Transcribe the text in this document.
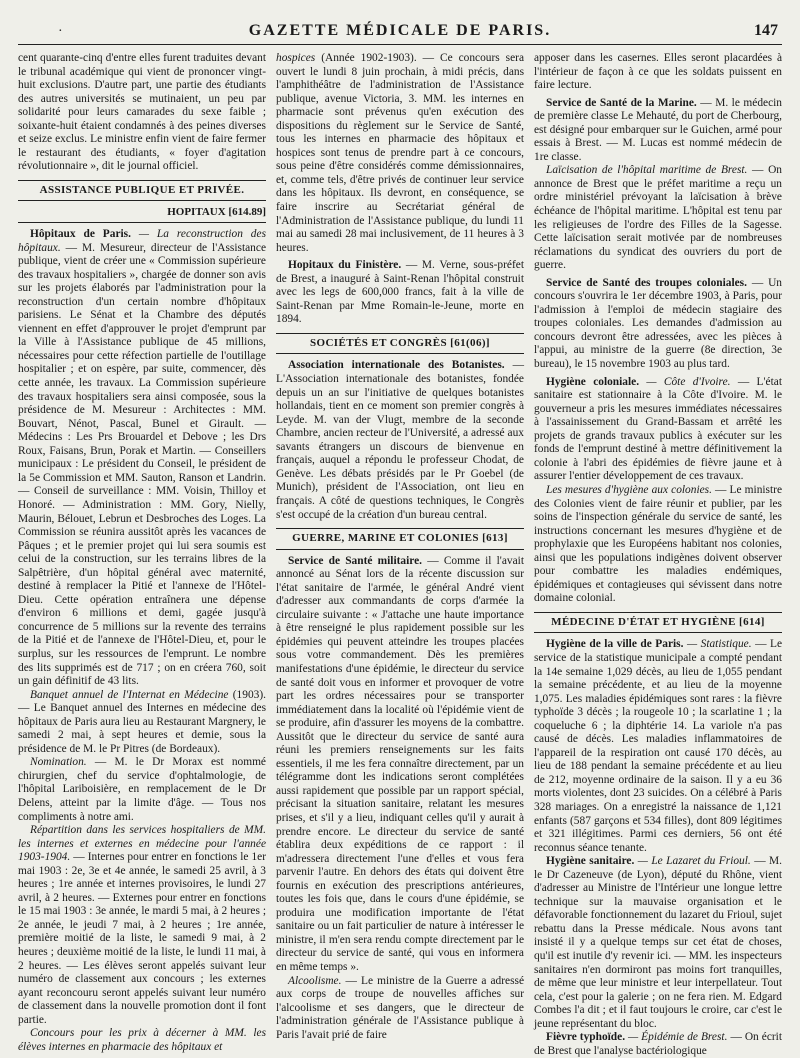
·	GAZETTE MÉDICALE DE PARIS.	147

cent quarante-cinq d'entre elles furent traduites devant le tribunal académique qui vient de prononcer vingt-huit exclusions. D'autre part, une partie des étudiants des autres universités se mutinaient, un peu par solidarité pour leurs camarades du sexe faible ; soixante-huit étaient condamnés à des peines diverses et seize exclus. Le ministre enfin vient de faire fermer le restaurant des étudiants, « foyer d'agitation révolutionnaire », dit le journal officiel.

ASSISTANCE PUBLIQUE ET PRIVÉE.
HOPITAUX [614.89]

Hôpitaux de Paris. — La reconstruction des hôpitaux. — M. Mesureur, directeur de l'Assistance publique, vient de créer une « Commission supérieure des travaux hospitaliers », chargée de donner son avis sur les projets élaborés par l'administration pour la reconstruction d'un certain nombre d'hôpitaux parisiens. Le Sénat et la Chambre des députés viennent en effet d'approuver le projet d'emprunt par la Ville à l'Assistance publique de 45 millions, nécessaires pour cette réfection partielle de l'outillage hospitalier ; et on espère, par suite, commencer, dès cette année, les travaux. La Commission supérieure des travaux hospitaliers sera ainsi composée, sous la présidence de M. Mesureur : Architectes : MM. Bouvart, Nénot, Pascal, Bunel et Girault. — Médecins : Les Prs Brouardel et Debove ; les Drs Roux, Faisans, Brun, Porak et Martin. — Conseillers municipaux : Le président du Conseil, le président de la 5e Commission et MM. Sauton, Ranson et Landrin. — Conseil de surveillance : MM. Voisin, Thilloy et Honoré. — Administration : MM. Gory, Nielly, Maurin, Bélouet, Lebrun et Desbroches des Loges. La Commission se réunira aussitôt après les vacances de Pâques ; et le premier projet qui lui sera soumis est celui de la construction, sur les terrains libres de la Salpêtrière, d'un hôpital général avec maternité, destiné à remplacer la Pitié et l'annexe de l'Hôtel-Dieu. Cette opération entraînera une dépense d'environ 6 millions et demi, gagée jusqu'à concurrence de 5 millions sur la revente des terrains de la Pitié et de l'annexe de l'Hôtel-Dieu, et, pour le surplus, sur les ressources de l'emprunt. Le nombre des lits supprimés est de 717 ; on en créera 760, soit un gain définitif de 43 lits.

Banquet annuel de l'Internat en Médecine (1903). — Le Banquet annuel des Internes en médecine des hôpitaux de Paris aura lieu au Restaurant Margnery, le samedi 2 mai, à sept heures et demie, sous la présidence de M. le Pr Pitres (de Bordeaux).

Nomination. — M. le Dr Morax est nommé chirurgien, chef du service d'ophtalmologie, de l'hôpital Lariboisière, en remplacement de le Dr Delens, atteint par la limite d'âge. — Tous nos compliments à notre ami.

Répartition dans les services hospitaliers de MM. les internes et externes en médecine pour l'année 1903-1904. — Internes pour entrer en fonctions le 1er mai 1903 : 2e, 3e et 4e année, le samedi 25 avril, à 3 heures ; 1re année et internes provisoires, le lundi 27 avril, à 2 heures. — Externes pour entrer en fonctions le 15 mai 1903 : 3e année, le mardi 5 mai, à 2 heures ; 2e année, le jeudi 7 mai, à 2 heures ; 1re année, première moitié de la liste, le samedi 9 mai, à 2 heures ; deuxième moitié de la liste, le lundi 11 mai, à 2 heures. — Les élèves seront appelés suivant leur numéro de classement aux concours ; les externes ayant reconcouru seront appelés suivant leur numéro de classement dans la nouvelle promotion dont il font partie.

Concours pour les prix à décerner à MM. les élèves internes en pharmacie des hôpitaux et

hospices (Année 1902-1903). — Ce concours sera ouvert le lundi 8 juin prochain, à midi précis, dans l'amphithéâtre de l'administration de l'Assistance publique, avenue Victoria, 3. MM. les internes en pharmacie sont prévenus qu'en exécution des dispositions du règlement sur le Service de Santé, tous les internes en pharmacie des hôpitaux et hospices sont tenus de prendre part à ce concours, sous peine d'être considérés comme démissionnaires, et, comme tels, d'être privés de continuer leur service dans les hôpitaux. Ils devront, en conséquence, se faire inscrire au Secrétariat général de l'Administration de l'Assistance publique, du lundi 11 mai au samedi 28 mai inclusivement, de 11 heures à 3 heures.

Hopitaux du Finistère. — M. Verne, sous-préfet de Brest, a inauguré à Saint-Renan l'hôpital construit avec les legs de 600,000 francs, fait à la ville de Saint-Renan par Mme Romain-le-Jeune, morte en 1894.

SOCIÉTÉS ET CONGRÈS [61(06)]

Association internationale des Botanistes. — L'Association internationale des botanistes, fondée depuis un an sur l'initiative de quelques botanistes hollandais, tient en ce moment son premier congrès à Leyde. M. van der Vlugt, membre de la seconde Chambre, ancien recteur de l'Université, a adressé aux savants étrangers un discours de bienvenue en français, auquel a répondu le professeur Chodat, de Genève. Les débats présidés par le Pr Goebel (de Munich), président de l'Association, ont lieu en français. A côté de questions techniques, le Congrès s'est occupé de la création d'un bureau central.

GUERRE, MARINE ET COLONIES [613]

Service de Santé militaire. — Comme il l'avait annoncé au Sénat lors de la récente discussion sur l'état sanitaire de l'armée, le général André vient d'adresser aux commandants de corps d'armée la circulaire suivante : « J'attache une haute importance à être renseigné le plus rapidement possible sur les épidémies qui peuvent atteindre les troupes placées sous votre commandement. Dès les premières manifestations d'une épidémie, le directeur du service de santé doit vous en informer et provoquer de votre part les ordres nécessaires pour se transporter immédiatement dans la localité où l'épidémie vient de se produire, afin d'assurer les moyens de la combattre. Aussitôt que le directeur du service de santé aura réuni les premiers renseignements sur les faits essentiels, il me les fera connaître directement, par un télégramme dont les indications seront complétées aussi rapidement que possible par un rapport spécial, précisant la situation sanitaire, relatant les mesures prises, et s'il y a lieu, indiquant celles qu'il y aurait à prendre encore. Le directeur du service de santé établira deux expéditions de ce rapport : il m'adressera directement l'une d'elles et vous fera parvenir l'autre. En dehors des états qui doivent être fournis en exécution des prescriptions antérieures, toutes les fois que, dans le cours d'une épidémie, se produira une modification importante de l'état sanitaire ou un fait particulier de nature à intéresser le ministre, il m'en sera rendu compte directement par le directeur du service de santé, qui vous en informera en même temps ».

Alcoolisme. — Le ministre de la Guerre a adressé aux corps de troupe de nouvelles affiches sur l'alcoolisme et ses dangers, que le directeur de l'administration générale de l'Assistance publique à Paris l'avait prié de faire

apposer dans les casernes. Elles seront placardées à l'intérieur de façon à ce que les soldats puissent en faire lecture.

Service de Santé de la Marine. — M. le médecin de première classe Le Mehauté, du port de Cherbourg, est désigné pour embarquer sur le Guichen, armé pour essais à Brest. — M. Lucas est nommé médecin de 1re classe.

Laïcisation de l'hôpital maritime de Brest. — On annonce de Brest que le préfet maritime a reçu un ordre ministériel prévoyant la laïcisation à brève échéance de l'hôpital maritime. L'hôpital est tenu par les religieuses de l'ordre des Filles de la Sagesse. Cette laïcisation serait motivée par de nombreuses réclamations du syndicat des ouvriers du port de guerre.

Service de Santé des troupes coloniales. — Un concours s'ouvrira le 1er décembre 1903, à Paris, pour l'admission à l'emploi de médecin stagiaire des troupes coloniales. Les demandes d'admission au concours devront être adressées, avec les pièces à l'appui, au ministre de la guerre (8e direction, 3e bureau), le 15 novembre 1903 au plus tard.

Hygiène coloniale. — Côte d'Ivoire. — L'état sanitaire est stationnaire à la Côte d'Ivoire. M. le gouverneur a pris les mesures immédiates nécessaires à l'assainissement du Grand-Bassam et arrêté les projets de grands travaux publics à exécuter sur les fonds de l'emprunt destiné à mettre définitivement la colonie à l'abri des épidémies de fièvre jaune et à assurer l'entier développement de ces travaux.

Les mesures d'hygiène aux colonies. — Le ministre des Colonies vient de faire réunir et publier, par les soins de l'inspection générale du service de santé, les instructions concernant les mesures d'hygiène et de prophylaxie que les Européens habitant nos colonies, ainsi que les populations indigènes doivent observer pour combattre les maladies endémiques, épidémiques et contagieuses qui sévissent dans notre domaine colonial.

MÉDECINE D'ÉTAT ET HYGIÈNE [614]

Hygiène de la ville de Paris. — Statistique. — Le service de la statistique municipale a compté pendant la 14e semaine 1,029 décès, au lieu de 1,055 pendant la semaine précédente, et au lieu de la moyenne 1,075. Les maladies épidémiques sont rares : la fièvre typhoïde 3 décès ; la rougeole 10 ; la scarlatine 1 ; la coqueluche 6 ; la diphtérie 14. La variole n'a pas causé de décès. Les maladies inflammatoires de l'appareil de la respiration ont causé 170 décès, au lieu de 188 pendant la semaine précédente et au lieu de 212, moyenne ordinaire de la saison. Il y a eu 36 morts violentes, dont 23 suicides. On a célébré à Paris 328 mariages. On a enregistré la naissance de 1,121 enfants (587 garçons et 534 filles), dont 809 légitimes et 321 illégitimes. Parmi ces derniers, 56 ont été reconnus séance tenante.

Hygiène sanitaire. — Le Lazaret du Frioul. — M. le Dr Cazeneuve (de Lyon), député du Rhône, vient d'adresser au Ministre de l'Intérieur une longue lettre technique sur la mauvaise organisation et le défavorable fonctionnement du lazaret du Frioul, sujet rebattu dans la Presse médicale. Nous avons tant insisté il y a quelque temps sur cet état de choses, qu'il est inutile d'y revenir ici. — MM. les inspecteurs sanitaires n'en dormiront pas moins fort tranquilles, de même que leur ministre et leur interpellateur. Tout cela, c'est pour la galerie ; on ne fera rien. M. Edgard Combes l'a dit ; et il faut toujours le croire, car c'est le jeune représentant du bloc.

Fièvre typhoïde. — Épidémie de Brest. — On écrit de Brest que l'analyse bactériologique
